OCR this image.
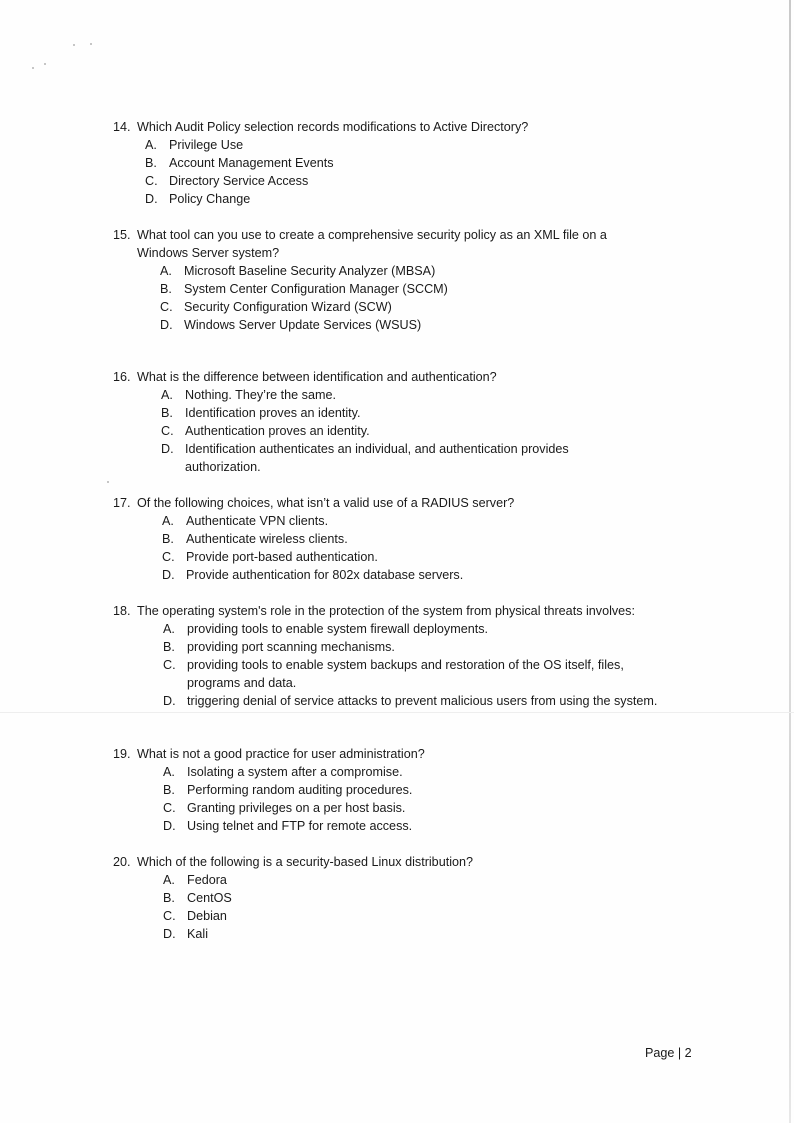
14. Which Audit Policy selection records modifications to Active Directory?
A. Privilege Use
B. Account Management Events
C. Directory Service Access
D. Policy Change
15. What tool can you use to create a comprehensive security policy as an XML file on a
Windows Server system?
A. Microsoft Baseline Security Analyzer (MBSA)
B. System Center Configuration Manager (SCCM)
C. Security Configuration Wizard (SCW)
D. Windows Server Update Services (WSUS)
16. What is the difference between identification and authentication?
A. Nothing. They’re the same.
B. Identification proves an identity.
C. Authentication proves an identity.
D. Identification authenticates an individual, and authentication provides
authorization.
17. Of the following choices, what isn’t a valid use of a RADIUS server?
A. Authenticate VPN clients.
B. Authenticate wireless clients.
C. Provide port-based authentication.
D. Provide authentication for 802x database servers.
18. The operating system's role in the protection of the system from physical threats involves:
A. providing tools to enable system firewall deployments.
B. providing port scanning mechanisms.
C. providing tools to enable system backups and restoration of the OS itself, files,
programs and data.
D. triggering denial of service attacks to prevent malicious users from using the system.
19. What is not a good practice for user administration?
A. Isolating a system after a compromise.
B. Performing random auditing procedures.
C. Granting privileges on a per host basis.
D. Using telnet and FTP for remote access.
20. Which of the following is a security-based Linux distribution?
A. Fedora
B. CentOS
C. Debian
D. Kali
Page | 2
